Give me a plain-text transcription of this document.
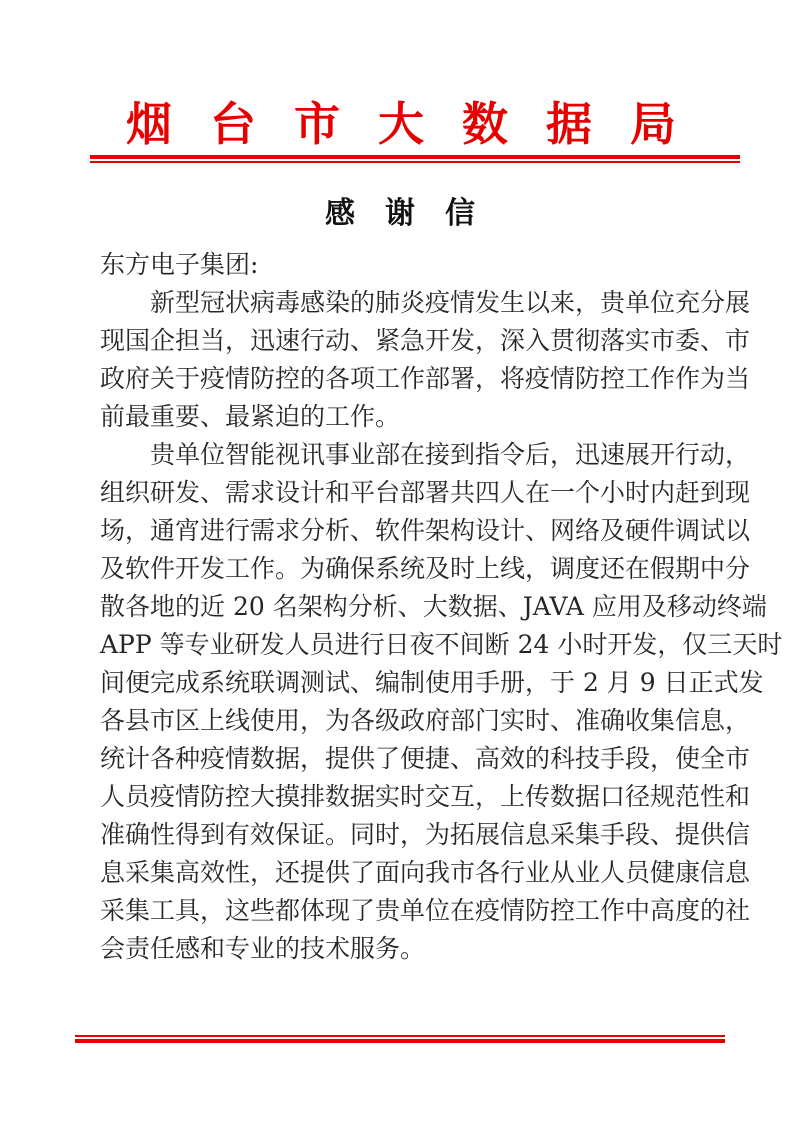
烟台市大数据局
感谢信
东方电子集团:
新型冠状病毒感染的肺炎疫情发生以来，贵单位充分展
现国企担当，迅速行动、紧急开发，深入贯彻落实市委、市
政府关于疫情防控的各项工作部署，将疫情防控工作作为当
前最重要、最紧迫的工作。
贵单位智能视讯事业部在接到指令后，迅速展开行动，
组织研发、需求设计和平台部署共四人在一个小时内赶到现
场，通宵进行需求分析、软件架构设计、网络及硬件调试以
及软件开发工作。为确保系统及时上线，调度还在假期中分
散各地的近 20 名架构分析、大数据、JAVA 应用及移动终端
APP 等专业研发人员进行日夜不间断 24 小时开发，仅三天时
间便完成系统联调测试、编制使用手册，于 2 月 9 日正式发
各县市区上线使用，为各级政府部门实时、准确收集信息，
统计各种疫情数据，提供了便捷、高效的科技手段，使全市
人员疫情防控大摸排数据实时交互，上传数据口径规范性和
准确性得到有效保证。同时，为拓展信息采集手段、提供信
息采集高效性，还提供了面向我市各行业从业人员健康信息
采集工具，这些都体现了贵单位在疫情防控工作中高度的社
会责任感和专业的技术服务。
